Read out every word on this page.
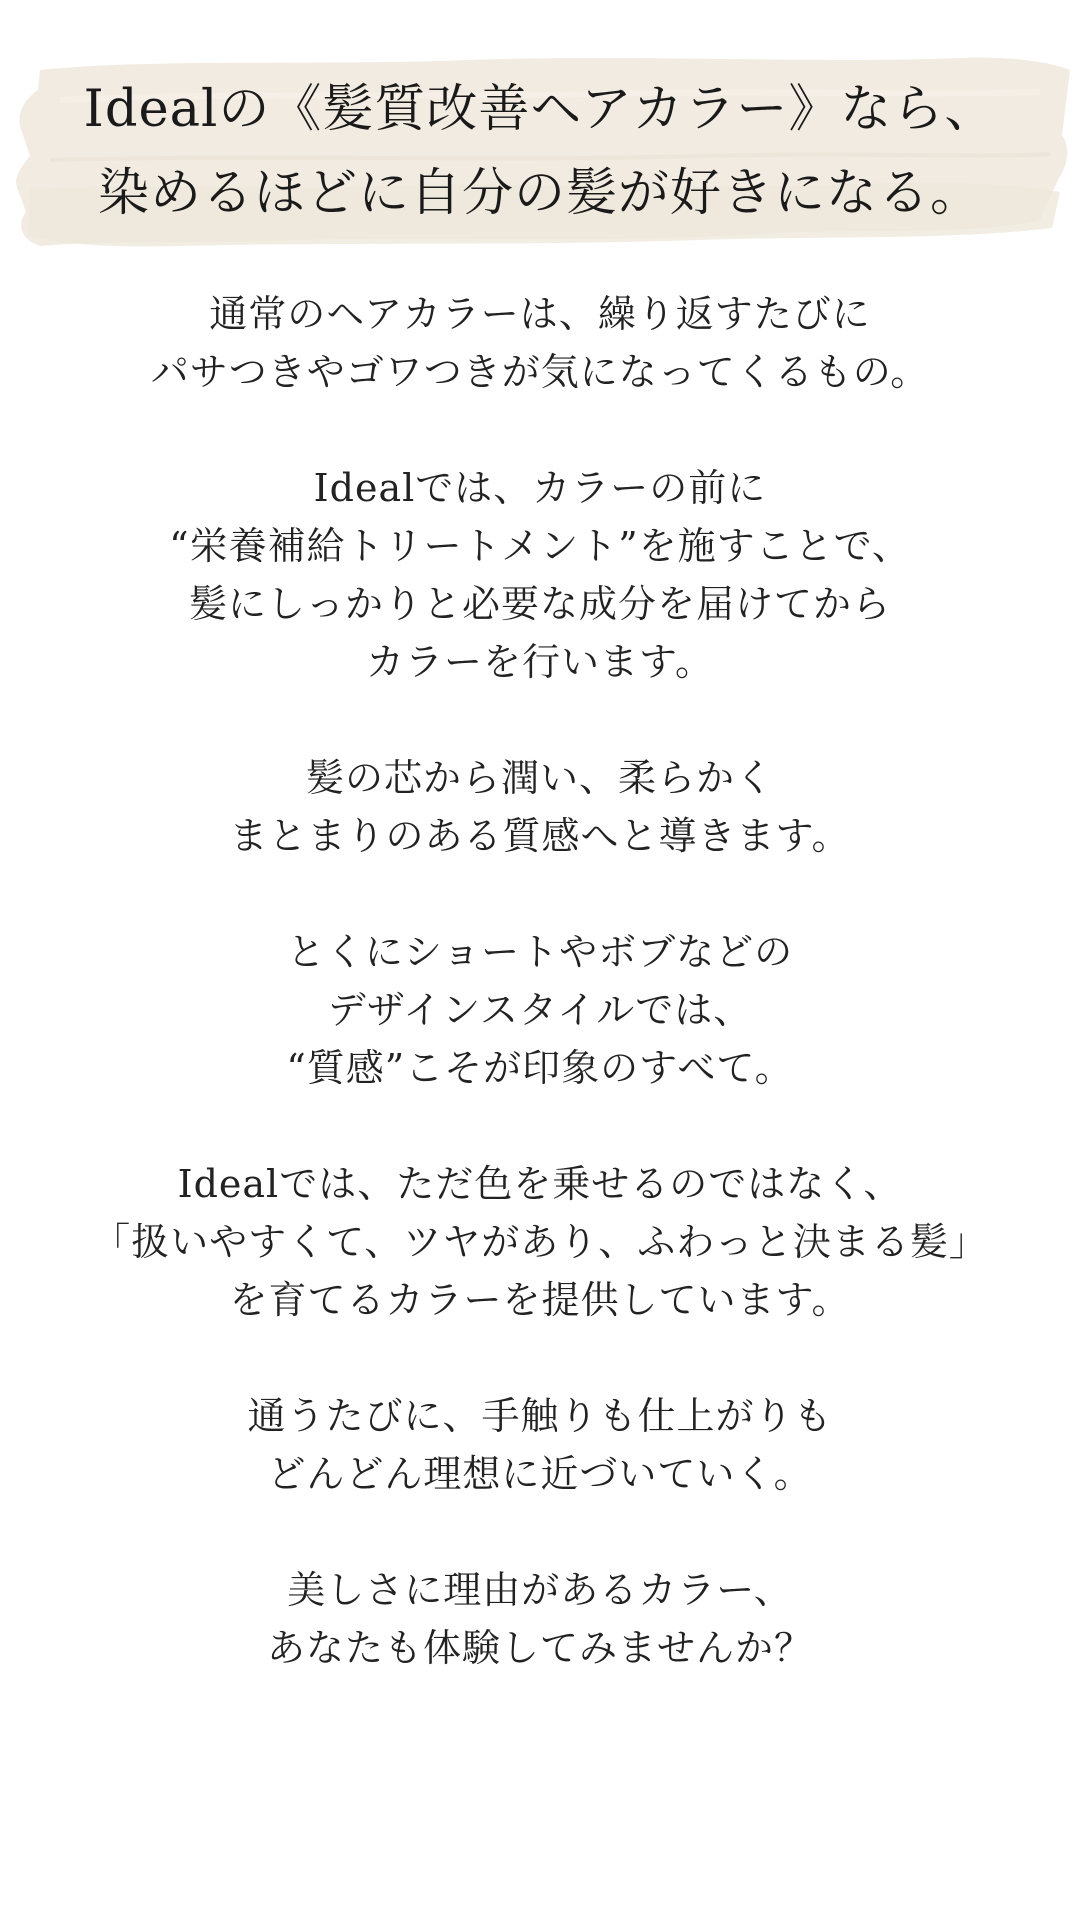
Idealの《髪質改善ヘアカラー》なら、
染めるほどに自分の髪が好きになる。
通常のヘアカラーは、繰り返すたびに
パサつきやゴワつきが気になってくるもの。
Idealでは、カラーの前に
“栄養補給トリートメント”を施すことで、
髪にしっかりと必要な成分を届けてから
カラーを行います。
髪の芯から潤い、柔らかく
まとまりのある質感へと導きます。
とくにショートやボブなどの
デザインスタイルでは、
“質感”こそが印象のすべて。
Idealでは、ただ色を乗せるのではなく、
「扱いやすくて、ツヤがあり、ふわっと決まる髪」
を育てるカラーを提供しています。
通うたびに、手触りも仕上がりも
どんどん理想に近づいていく。
美しさに理由があるカラー、
あなたも体験してみませんか？
